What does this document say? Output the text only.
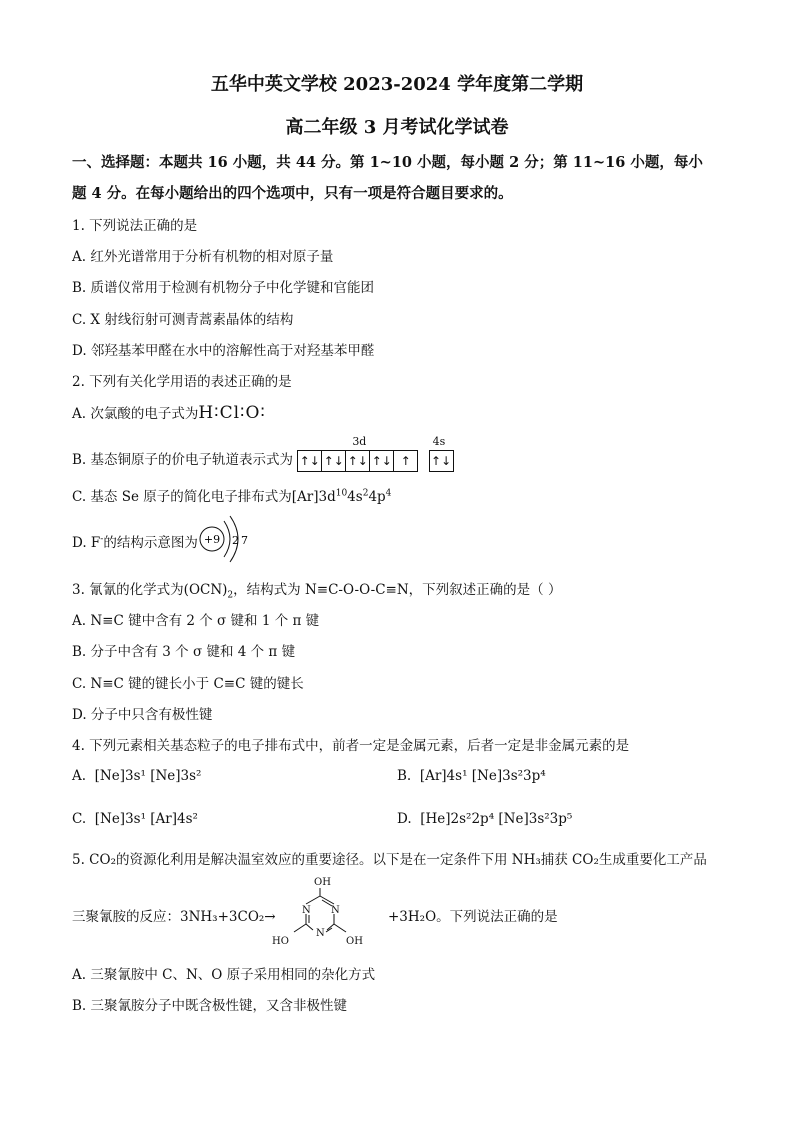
五华中英文学校 2023-2024 学年度第二学期
高二年级 3 月考试化学试卷
一、选择题：本题共 16 小题，共 44 分。第 1~10 小题，每小题 2 分；第 11~16 小题，每小
题 4 分。在每小题给出的四个选项中，只有一项是符合题目要求的。
1. 下列说法正确的是
A. 红外光谱常用于分析有机物的相对原子量
B. 质谱仪常用于检测有机物分子中化学键和官能团
C. X 射线衍射可测青蒿素晶体的结构
D. 邻羟基苯甲醛在水中的溶解性高于对羟基苯甲醛
2. 下列有关化学用语的表述正确的是
A. 次氯酸的电子式为H∶Cl∶O∶
B. 基态铜原子的价电子轨道表示式为
3d
↑↓ ↑↓ ↑↓ ↑↓ ↑

4s
↑↓
C. 基态 Se 原子的简化电子排布式为$[Ar]3d^{10}4s^24p^4$
D. F-的结构示意图为 +9 2 7
3. 氰氰的化学式为$(OCN)_2$，结构式为 N≡C-O-O-C≡N，下列叙述正确的是（ ）
A. N≡C 键中含有 2 个 σ 键和 1 个 π 键
B. 分子中含有 3 个 σ 键和 4 个 π 键
C. N≡C 键的键长小于 C≡C 键的键长
D. 分子中只含有极性键
4. 下列元素相关基态粒子的电子排布式中，前者一定是金属元素，后者一定是非金属元素的是
A. [Ne]3s¹ [Ne]3s²	B. [Ar]4s¹ [Ne]3s²3p⁴
C. [Ne]3s¹ [Ar]4s²	D. [He]2s²2p⁴ [Ne]3s²3p⁵
5. CO₂的资源化利用是解决温室效应的重要途径。以下是在一定条件下用 NH₃捕获 CO₂生成重要化工产品
三聚氰胺的反应：3NH₃+3CO₂→	+3H₂O。下列说法正确的是
OH
N
N
N
OH
HO
A. 三聚氰胺中 C、N、O 原子采用相同的杂化方式
B. 三聚氰胺分子中既含极性键，又含非极性键
